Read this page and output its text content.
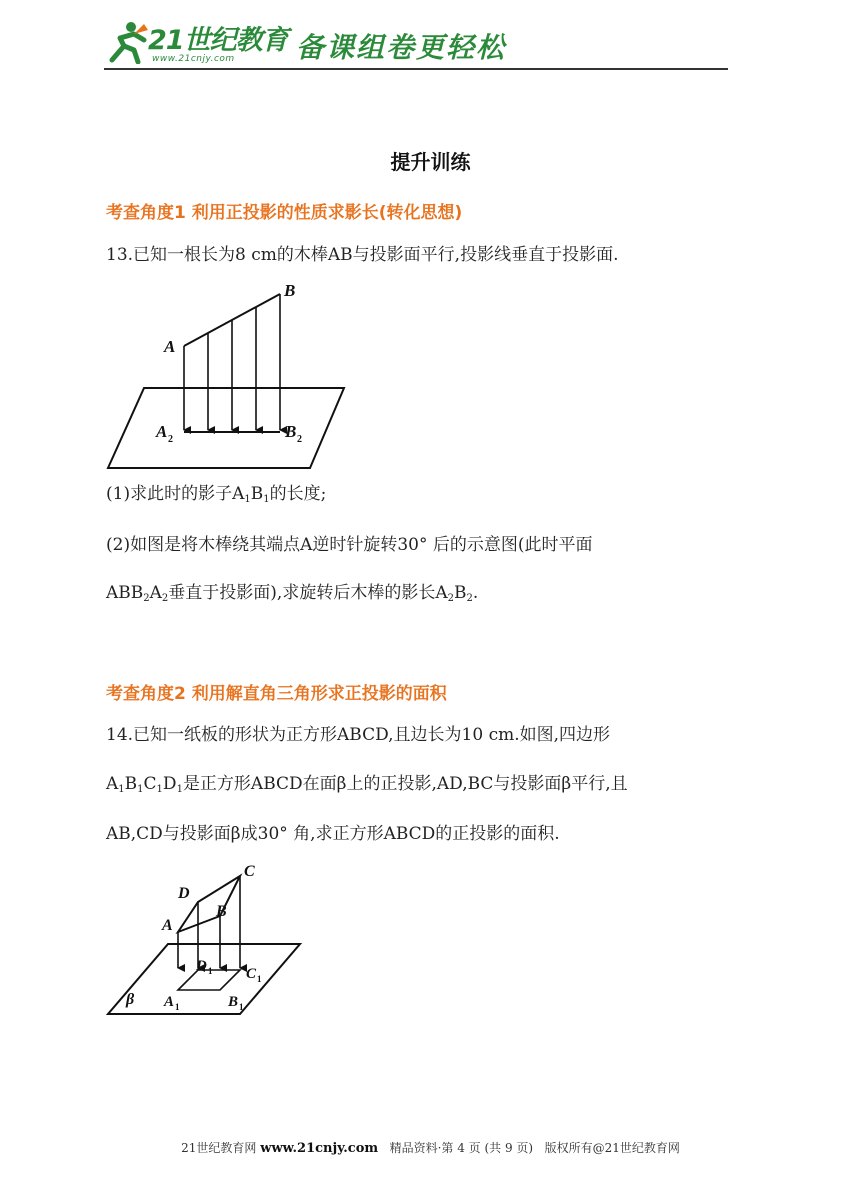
21世纪教育
www.21cnjy.com 备课组卷更轻松
提升训练
考查角度1 利用正投影的性质求影长(转化思想)
13.已知一根长为8 cm的木棒AB与投影面平行,投影线垂直于投影面.
A
B
A 2	B 2
(1)求此时的影子$A_1B_1$的长度;
(2)如图是将木棒绕其端点A逆时针旋转30° 后的示意图(此时平面
$ABB_2A_2$垂直于投影面),求旋转后木棒的影长$A_2B_2$.
考查角度2 利用解直角三角形求正投影的面积
14.已知一纸板的形状为正方形ABCD,且边长为10 cm.如图,四边形
$A_1B_1C_1D_1$是正方形ABCD在面β上的正投影,AD,BC与投影面β平行,且
AB,CD与投影面β成30° 角,求正方形ABCD的正投影的面积.
A
D
C
B
D 1 C 1
A 1	B 1
β
21世纪教育网 www.21cnjy.com 精品资料·第 4 页 (共 9 页) 版权所有@21世纪教育网
